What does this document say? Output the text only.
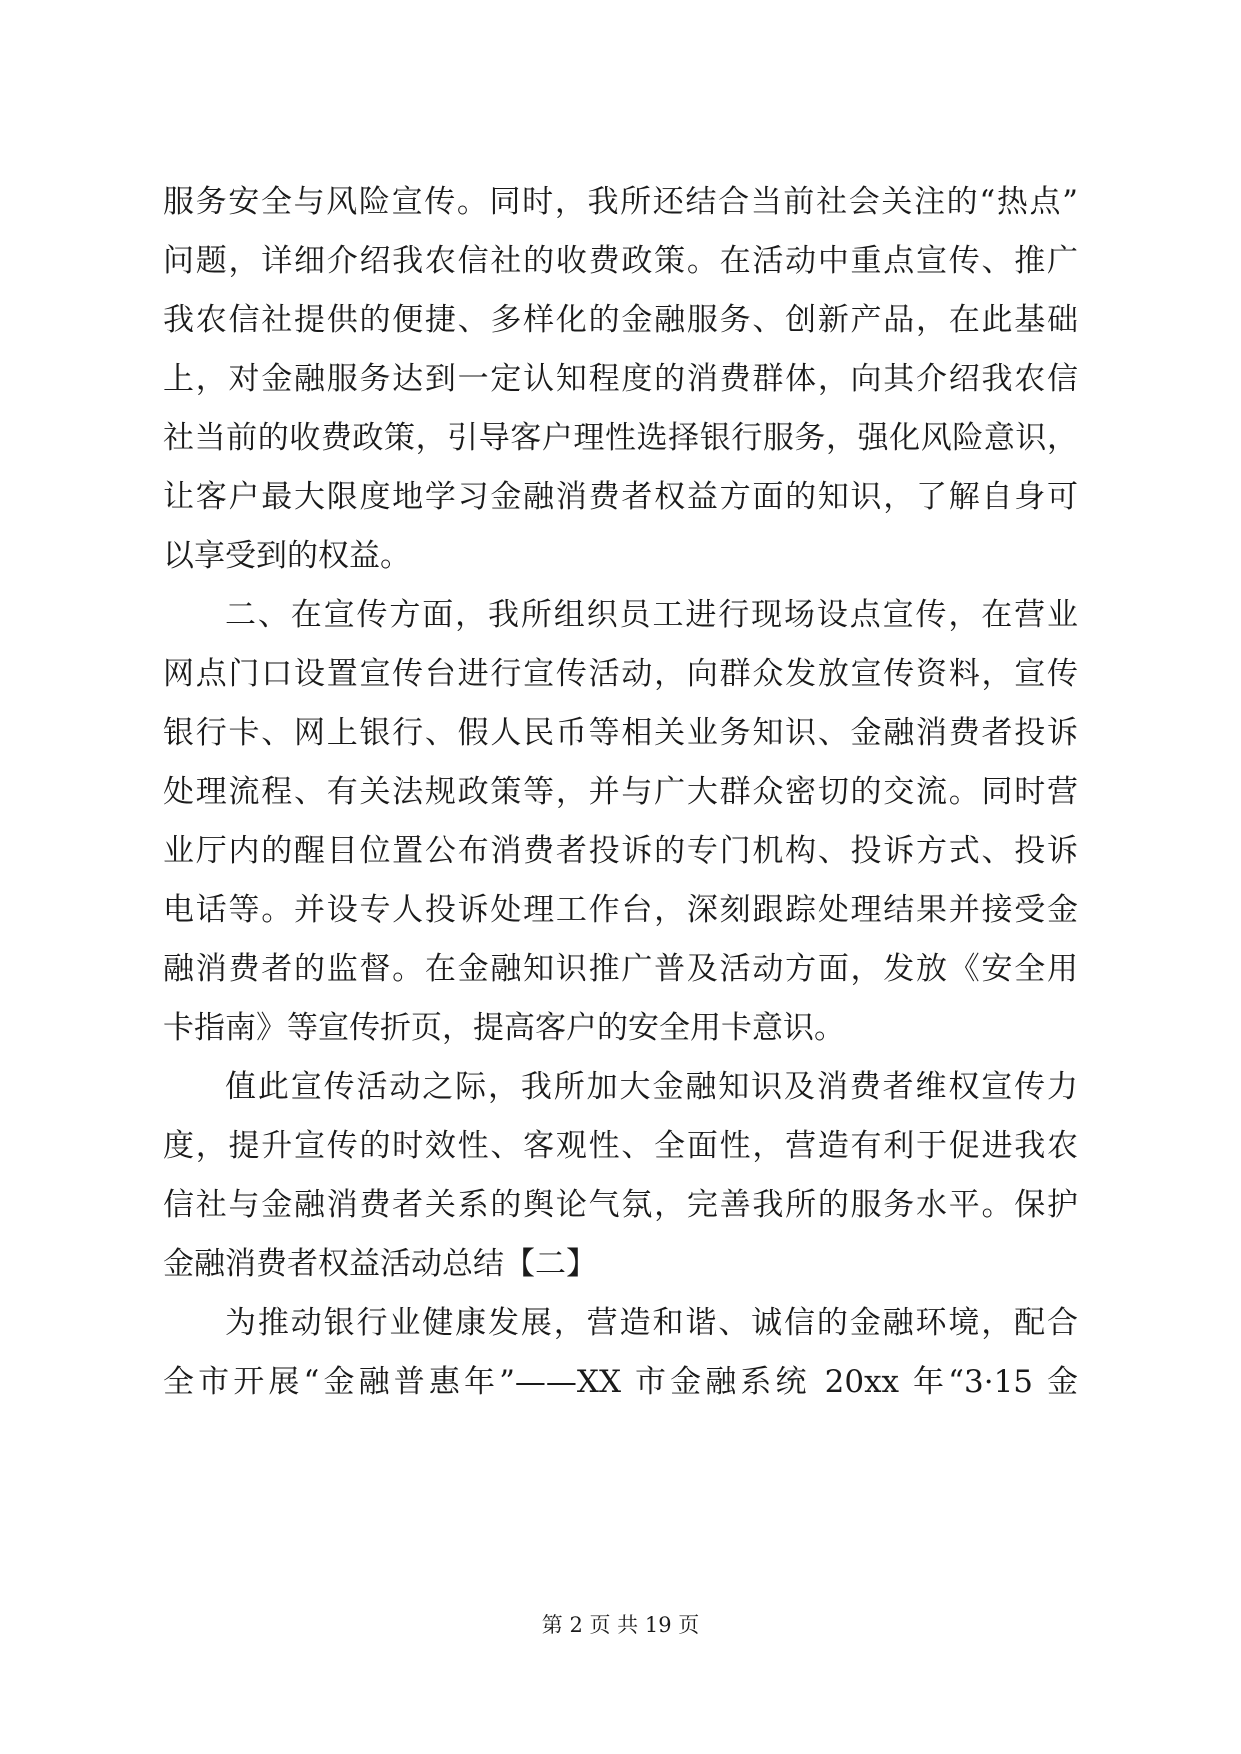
服务安全与风险宣传。同时，我所还结合当前社会关注的“热点”
问题，详细介绍我农信社的收费政策。在活动中重点宣传、推广
我农信社提供的便捷、多样化的金融服务、创新产品，在此基础
上，对金融服务达到一定认知程度的消费群体，向其介绍我农信
社当前的收费政策，引导客户理性选择银行服务，强化风险意识，
让客户最大限度地学习金融消费者权益方面的知识，了解自身可
以享受到的权益。
二、在宣传方面，我所组织员工进行现场设点宣传，在营业
网点门口设置宣传台进行宣传活动，向群众发放宣传资料，宣传
银行卡、网上银行、假人民币等相关业务知识、金融消费者投诉
处理流程、有关法规政策等，并与广大群众密切的交流。同时营
业厅内的醒目位置公布消费者投诉的专门机构、投诉方式、投诉
电话等。并设专人投诉处理工作台，深刻跟踪处理结果并接受金
融消费者的监督。在金融知识推广普及活动方面，发放《安全用
卡指南》等宣传折页，提高客户的安全用卡意识。
值此宣传活动之际，我所加大金融知识及消费者维权宣传力
度，提升宣传的时效性、客观性、全面性，营造有利于促进我农
信社与金融消费者关系的舆论气氛，完善我所的服务水平。保护
金融消费者权益活动总结【二】
为推动银行业健康发展，营造和谐、诚信的金融环境，配合
全市开展“金融普惠年”——XX 市金融系统 20xx 年“3·15 金
第 2 页 共 19 页
